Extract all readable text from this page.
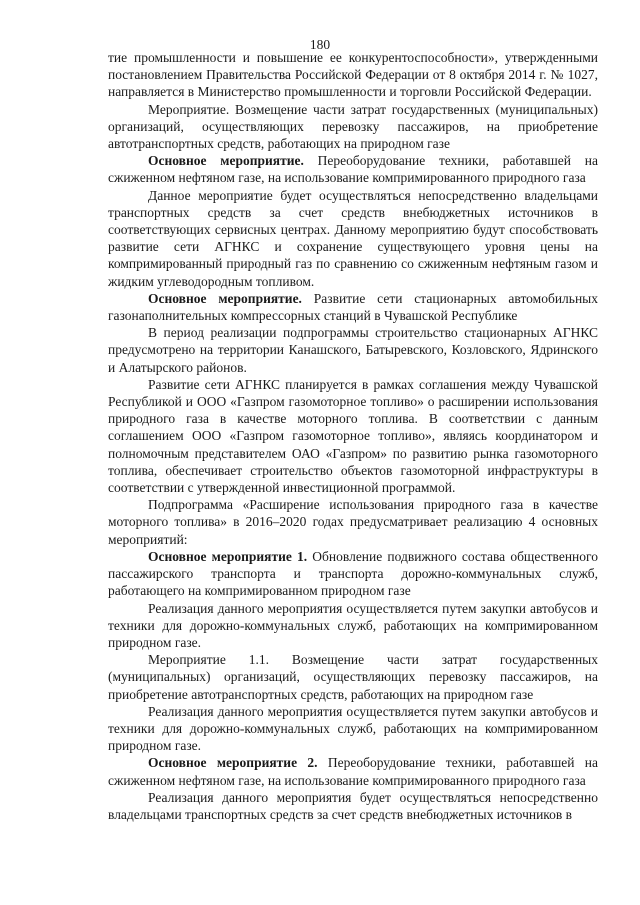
180

тие промышленности и повышение ее конкурентоспособности», утвержденными постановлением Правительства Российской Федерации от 8 октября 2014 г. № 1027, направляется в Министерство промышленности и торговли Российской Федерации.

Мероприятие. Возмещение части затрат государственных (муниципальных) организаций, осуществляющих перевозку пассажиров, на приобретение автотранспортных средств, работающих на природном газе

Основное мероприятие. Переоборудование техники, работавшей на сжиженном нефтяном газе, на использование компримированного природного газа

Данное мероприятие будет осуществляться непосредственно владельцами транспортных средств за счет средств внебюджетных источников в соответствующих сервисных центрах. Данному мероприятию будут способствовать развитие сети АГНКС и сохранение существующего уровня цены на компримированный природный газ по сравнению со сжиженным нефтяным газом и жидким углеводородным топливом.

Основное мероприятие. Развитие сети стационарных автомобильных газонаполнительных компрессорных станций в Чувашской Республике

В период реализации подпрограммы строительство стационарных АГНКС предусмотрено на территории Канашского, Батыревского, Козловского, Ядринского и Алатырского районов.

Развитие сети АГНКС планируется в рамках соглашения между Чувашской Республикой и ООО «Газпром газомоторное топливо» о расширении использования природного газа в качестве моторного топлива. В соответствии с данным соглашением ООО «Газпром газомоторное топливо», являясь координатором и полномочным представителем ОАО «Газпром» по развитию рынка газомоторного топлива, обеспечивает строительство объектов газомоторной инфраструктуры в соответствии с утвержденной инвестиционной программой.

Подпрограмма «Расширение использования природного газа в качестве моторного топлива» в 2016–2020 годах предусматривает реализацию 4 основных мероприятий:

Основное мероприятие 1. Обновление подвижного состава общественного пассажирского транспорта и транспорта дорожно-коммунальных служб, работающего на компримированном природном газе

Реализация данного мероприятия осуществляется путем закупки автобусов и техники для дорожно-коммунальных служб, работающих на компримированном природном газе.

Мероприятие 1.1. Возмещение части затрат государственных (муниципальных) организаций, осуществляющих перевозку пассажиров, на приобретение автотранспортных средств, работающих на природном газе

Реализация данного мероприятия осуществляется путем закупки автобусов и техники для дорожно-коммунальных служб, работающих на компримированном природном газе.

Основное мероприятие 2. Переоборудование техники, работавшей на сжиженном нефтяном газе, на использование компримированного природного газа

Реализация данного мероприятия будет осуществляться непосредственно владельцами транспортных средств за счет средств внебюджетных источников в
